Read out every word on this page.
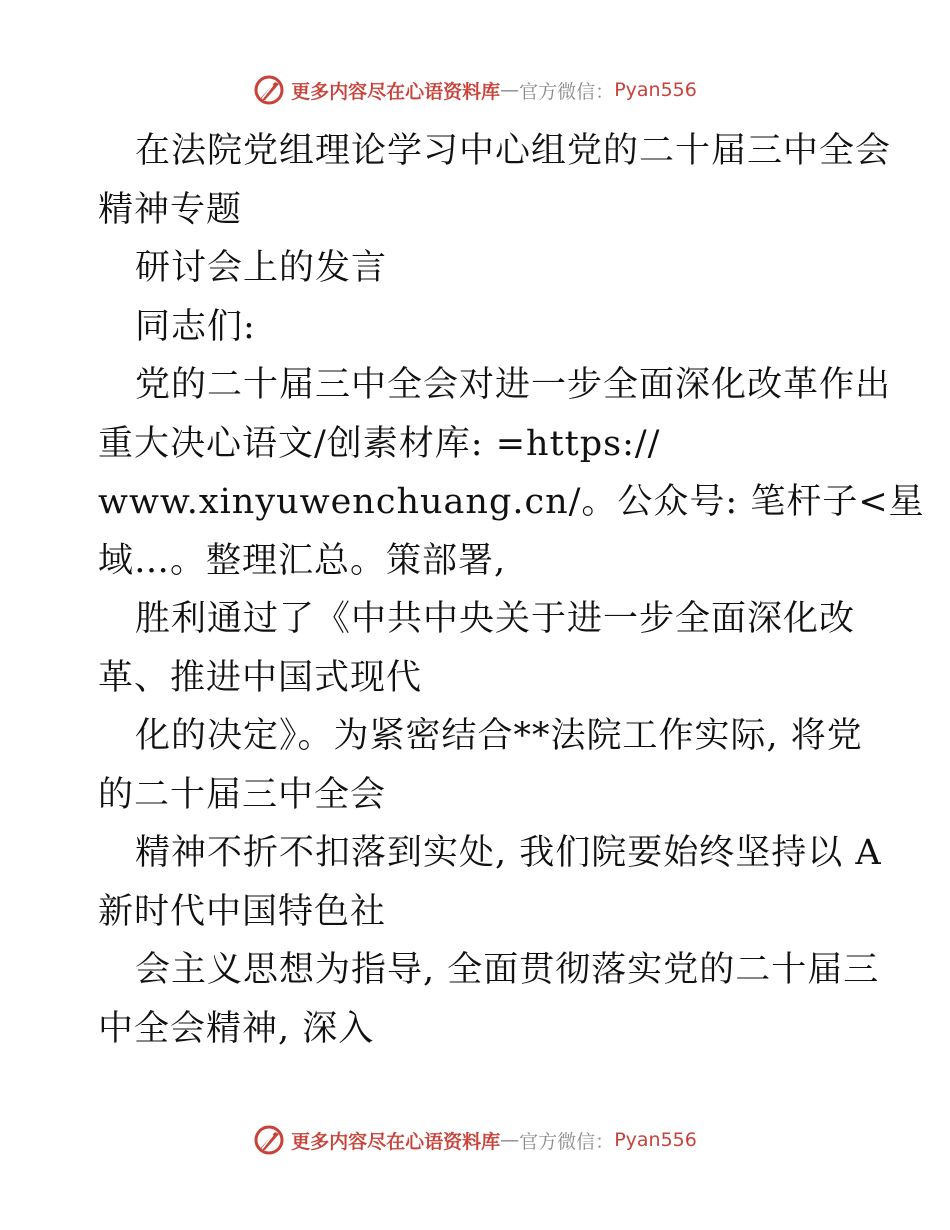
更多内容尽在心语资料库 — 官方微信： Pyan556
在法院党组理论学习中心组党的二十届三中全会
精神专题
研讨会上的发言
同志们:
党的二十届三中全会对进一步全面深化改革作出
重大决心语文/创素材库: =https://
www.xinyuwenchuang.cn/。公众号: 笔杆子<星
域…。整理汇总。策部署,
胜利通过了《中共中央关于进一步全面深化改
革、推进中国式现代
化的决定》。为紧密结合**法院工作实际, 将党
的二十届三中全会
精神不折不扣落到实处, 我们院要始终坚持以 A
新时代中国特色社
会主义思想为指导, 全面贯彻落实党的二十届三
中全会精神, 深入
更多内容尽在心语资料库 — 官方微信： Pyan556
